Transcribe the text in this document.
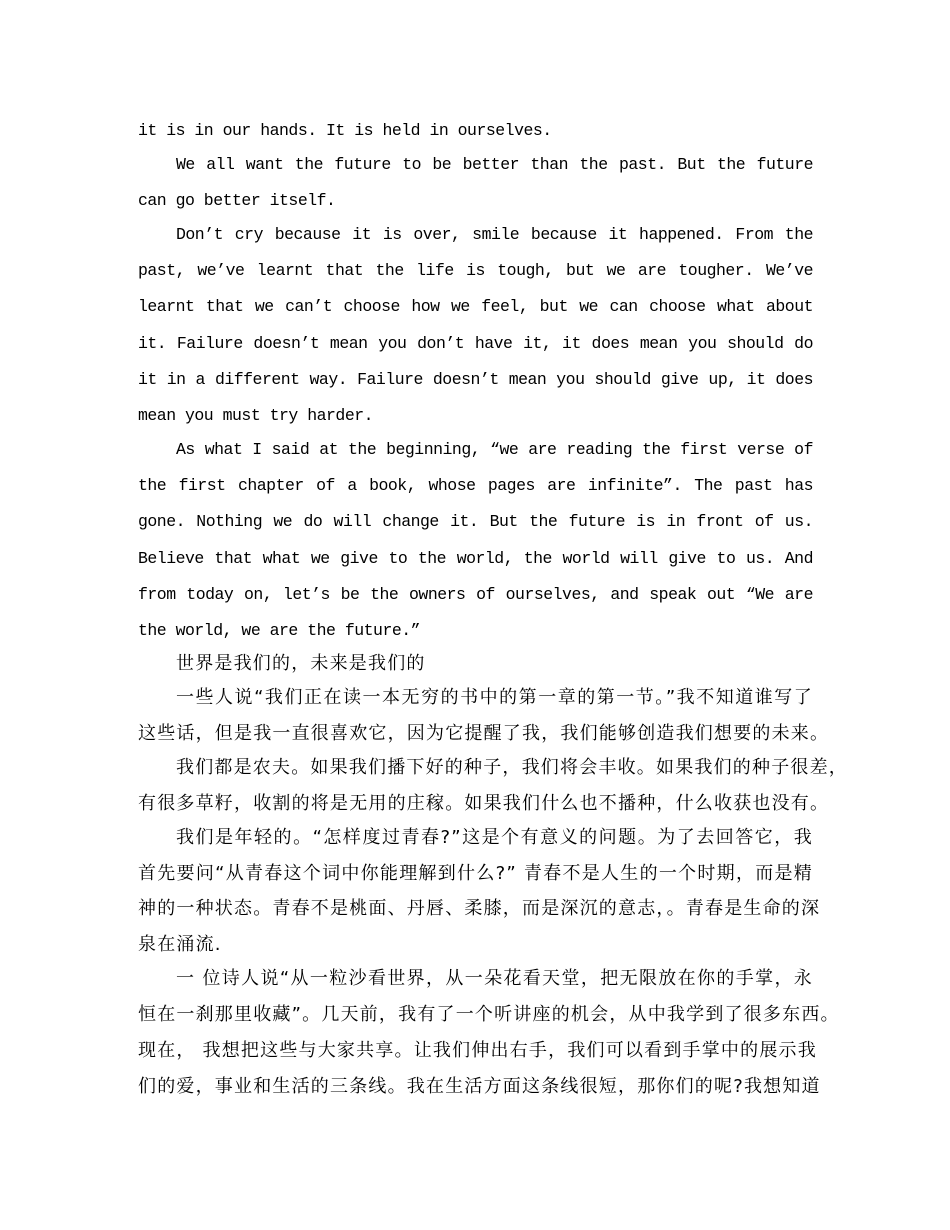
it is in our hands. It is held in ourselves.
We all want the future to be better than the past. But the future
can go better itself.
Don’t cry because it is over, smile because it happened. From the
past, we’ve learnt that the life is tough, but we are tougher. We’ve
learnt that we can’t choose how we feel, but we can choose what about
it. Failure doesn’t mean you don’t have it, it does mean you should do
it in a different way. Failure doesn’t mean you should give up, it does
mean you must try harder.
As what I said at the beginning, “we are reading the first verse of
the first chapter of a book, whose pages are infinite”. The past has
gone. Nothing we do will change it. But the future is in front of us.
Believe that what we give to the world, the world will give to us. And
from today on, let’s be the owners of ourselves, and speak out “We are
the world, we are the future.”
世界是我们的，未来是我们的
一些人说“我们正在读一本无穷的书中的第一章的第一节。”我不知道谁写了
这些话，但是我一直很喜欢它，因为它提醒了我，我们能够创造我们想要的未来。
我们都是农夫。如果我们播下好的种子，我们将会丰收。如果我们的种子很差，
有很多草籽，收割的将是无用的庄稼。如果我们什么也不播种，什么收获也没有。
我们是年轻的。“怎样度过青春?”这是个有意义的问题。为了去回答它，我
首先要问“从青春这个词中你能理解到什么?” 青春不是人生的一个时期，而是精
神的一种状态。青春不是桃面、丹唇、柔膝，而是深沉的意志，。青春是生命的深
泉在涌流.
一 位诗人说“从一粒沙看世界，从一朵花看天堂，把无限放在你的手掌，永
恒在一刹那里收藏”。几天前，我有了一个听讲座的机会，从中我学到了很多东西。
现在， 我想把这些与大家共享。让我们伸出右手，我们可以看到手掌中的展示我
们的爱，事业和生活的三条线。我在生活方面这条线很短，那你们的呢?我想知道
